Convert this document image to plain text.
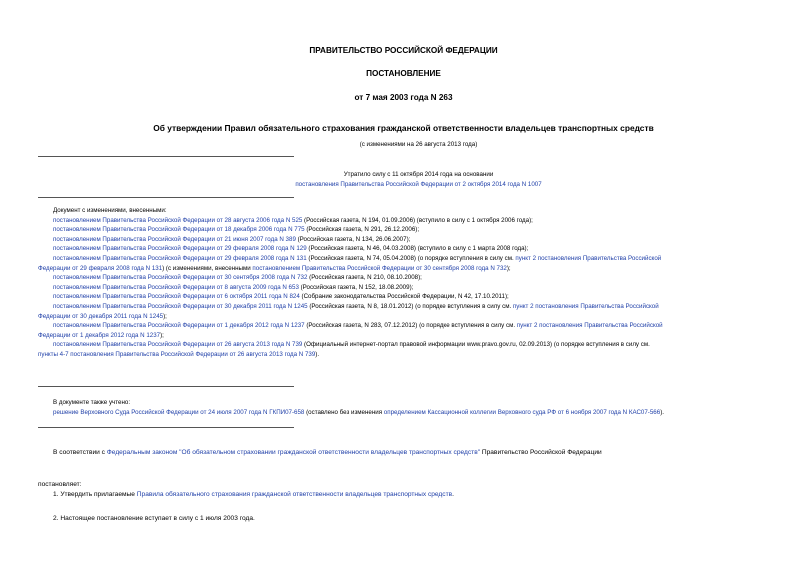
ПРАВИТЕЛЬСТВО РОССИЙСКОЙ ФЕДЕРАЦИИ
ПОСТАНОВЛЕНИЕ
от 7 мая 2003 года N 263
Об утверждении Правил обязательного страхования гражданской ответственности владельцев транспортных средств
(с изменениями на 26 августа 2013 года)
Утратило силу с 11 октября 2014 года на основании
постановления Правительства Российской Федерации от 2 октября 2014 года N 1007
Документ с изменениями, внесенными:
постановлением Правительства Российской Федерации от 28 августа 2006 года N 525 (Российская газета, N 194, 01.09.2006) (вступило в силу с 1 октября 2006 года);
постановлением Правительства Российской Федерации от 18 декабря 2006 года N 775 (Российская газета, N 291, 26.12.2006);
постановлением Правительства Российской Федерации от 21 июня 2007 года N 389 (Российская газета, N 134, 26.06.2007);
постановлением Правительства Российской Федерации от 29 февраля 2008 года N 129 (Российская газета, N 46, 04.03.2008) (вступило в силу с 1 марта 2008 года);
постановлением Правительства Российской Федерации от 29 февраля 2008 года N 131 (Российская газета, N 74, 05.04.2008) (о порядке вступления в силу см. пункт 2 постановления Правительства Российской
Федерации от 29 февраля 2008 года N 131) (с изменениями, внесенными постановлением Правительства Российской Федерации от 30 сентября 2008 года N 732);
постановлением Правительства Российской Федерации от 30 сентября 2008 года N 732 (Российская газета, N 210, 08.10.2008);
постановлением Правительства Российской Федерации от 8 августа 2009 года N 653 (Российская газета, N 152, 18.08.2009);
постановлением Правительства Российской Федерации от 6 октября 2011 года N 824 (Собрание законодательства Российской Федерации, N 42, 17.10.2011);
постановлением Правительства Российской Федерации от 30 декабря 2011 года N 1245 (Российская газета, N 8, 18.01.2012) (о порядке вступления в силу см. пункт 2 постановления Правительства Российской
Федерации от 30 декабря 2011 года N 1245);
постановлением Правительства Российской Федерации от 1 декабря 2012 года N 1237 (Российская газета, N 283, 07.12.2012) (о порядке вступления в силу см. пункт 2 постановления Правительства Российской
Федерации от 1 декабря 2012 года N 1237);
постановлением Правительства Российской Федерации от 26 августа 2013 года N 739 (Официальный интернет-портал правовой информации www.pravo.gov.ru, 02.09.2013) (о порядке вступления в силу см.
пункты 4-7 постановления Правительства Российской Федерации от 26 августа 2013 года N 739).
В документе также учтено:
решение Верховного Суда Российской Федерации от 24 июля 2007 года N ГКПИ07-658 (оставлено без изменения определением Кассационной коллегии Верховного суда РФ от 6 ноября 2007 года N КАС07-566).
В соответствии с Федеральным законом "Об обязательном страховании гражданской ответственности владельцев транспортных средств" Правительство Российской Федерации
постановляет:
1. Утвердить прилагаемые Правила обязательного страхования гражданской ответственности владельцев транспортных средств.
2. Настоящее постановление вступает в силу с 1 июля 2003 года.
